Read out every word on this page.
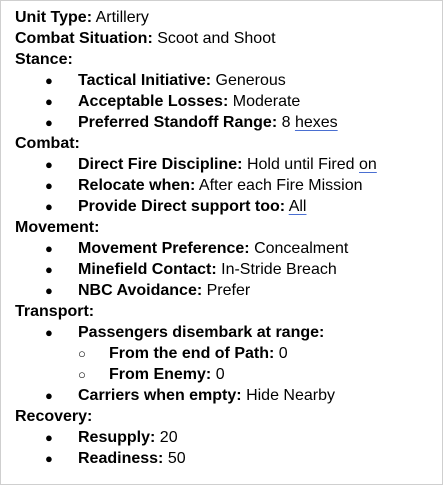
Unit Type: Artillery
Combat Situation: Scoot and Shoot
Stance:
● Tactical Initiative: Generous
● Acceptable Losses: Moderate
● Preferred Standoff Range: 8 hexes
Combat:
● Direct Fire Discipline: Hold until Fired on
● Relocate when: After each Fire Mission
● Provide Direct support too: All
Movement:
● Movement Preference: Concealment
● Minefield Contact: In-Stride Breach
● NBC Avoidance: Prefer
Transport:
● Passengers disembark at range:
○ From the end of Path: 0
○ From Enemy: 0
● Carriers when empty: Hide Nearby
Recovery:
● Resupply: 20
● Readiness: 50
